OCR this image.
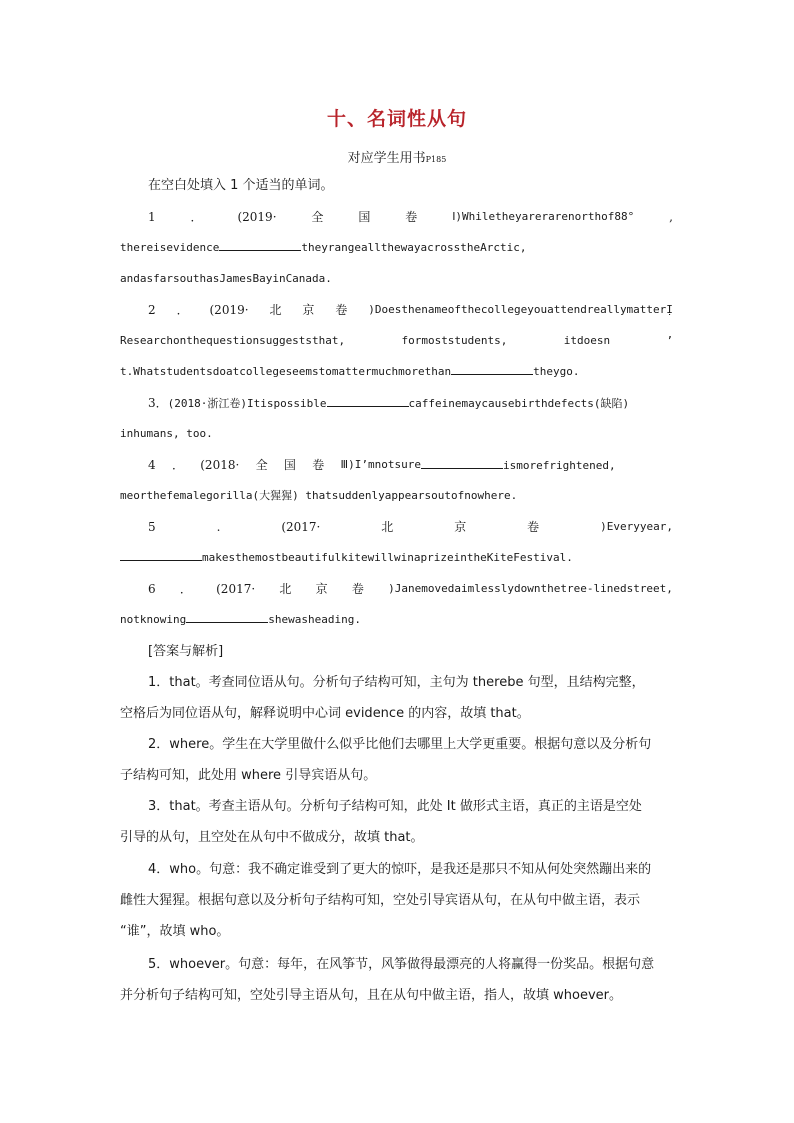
十、名词性从句
对应学生用书P185
在空白处填入 1 个适当的单词。
1	．	(2019·	全	国	卷	Ⅰ)Whiletheyarerarenorthof88°	,
thereisevidence	theyrangeallthewayacrosstheArctic,
andasfarsouthasJamesBayinCanada.
2 ． (2019· 北 京 卷 )DoesthenameofthecollegeyouattendreallymatterỊ
Researchonthequestionsuggeststhat,	formoststudents,	itdoesn	’
t.Whatstudentsdoatcollegeseemstomattermuchmorethan	theygo.
3．(2018·浙江卷)Itispossible	caffeinemaycausebirthdefects(缺陷)
inhumans, too.
4 ． (2018· 全 国 卷 Ⅲ)I’mnotsure	ismorefrightened,
meorthefemalegorilla(大猩猩) thatsuddenlyappearsoutofnowhere.
5	.	(2017·	北	京	卷	)Everyyear,
makesthemostbeautifulkitewillwinaprizeintheKiteFestival.
6 ． (2017· 北 京 卷 )Janemovedaimlesslydownthetree-linedstreet,
notknowing	shewasheading.
[答案与解析]
1．that。考查同位语从句。分析句子结构可知，主句为 therebe 句型，且结构完整，
空格后为同位语从句，解释说明中心词 evidence 的内容，故填 that。
2．where。学生在大学里做什么似乎比他们去哪里上大学更重要。根据句意以及分析句
子结构可知，此处用 where 引导宾语从句。
3．that。考查主语从句。分析句子结构可知，此处 It 做形式主语，真正的主语是空处
引导的从句，且空处在从句中不做成分，故填 that。
4．who。句意：我不确定谁受到了更大的惊吓，是我还是那只不知从何处突然蹦出来的
雌性大猩猩。根据句意以及分析句子结构可知，空处引导宾语从句，在从句中做主语，表示
“谁”，故填 who。
5．whoever。句意：每年，在风筝节，风筝做得最漂亮的人将赢得一份奖品。根据句意
并分析句子结构可知，空处引导主语从句，且在从句中做主语，指人，故填 whoever。
